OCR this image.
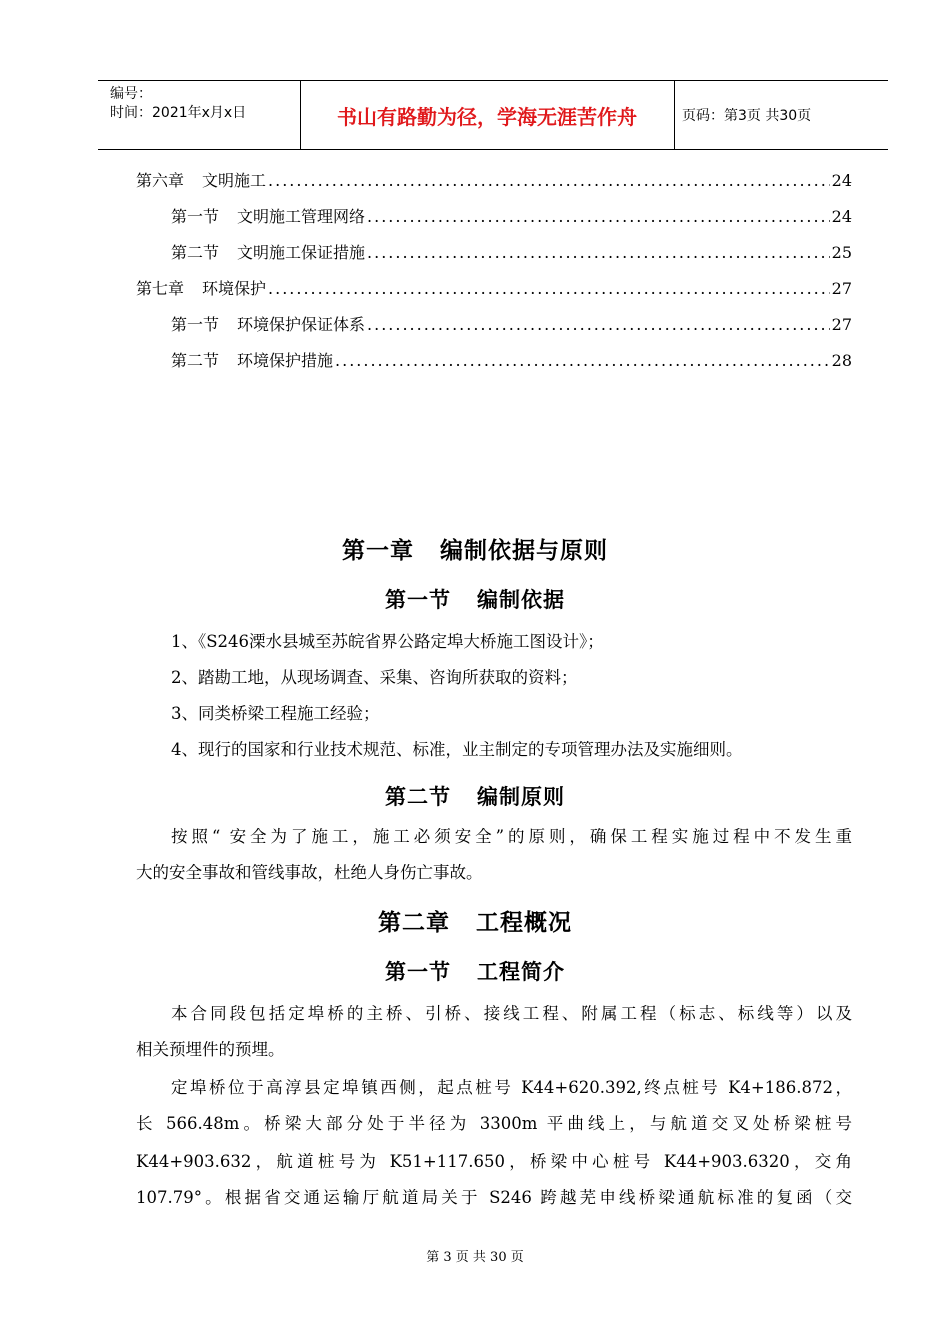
编号：
时间：2021年x月x日	书山有路勤为径，学海无涯苦作舟	页码：第3页 共30页
第六章 文明施工 .....	24
第一节 文明施工管理网络 .....	24
第二节 文明施工保证措施 .....	25
第七章 环境保护 .....	27
第一节 环境保护保证体系 .....	27
第二节 环境保护措施 .....	28
第一章 编制依据与原则
第一节 编制依据
1、《S246溧水县城至苏皖省界公路定埠大桥施工图设计》；
2、踏勘工地，从现场调查、采集、咨询所获取的资料；
3、同类桥梁工程施工经验；
4、现行的国家和行业技术规范、标准，业主制定的专项管理办法及实施细则。
第二节 编制原则
按照“ 安全为了施工，施工必须安全”的原则，确保工程实施过程中不发生重
大的安全事故和管线事故，杜绝人身伤亡事故。
第二章 工程概况
第一节 工程简介
本合同段包括定埠桥的主桥、引桥、接线工程、附属工程（标志、标线等）以及
相关预埋件的预埋。
定埠桥位于高淳县定埠镇西侧，起点桩号 K44+620.392,终点桩号 K4+186.872，
长 566.48m。桥梁大部分处于半径为 3300m 平曲线上，与航道交叉处桥梁桩号
K44+903.632，航道桩号为 K51+117.650，桥梁中心桩号 K44+903.6320，交角
107.79°。根据省交通运输厅航道局关于 S246 跨越芜申线桥梁通航标准的复函（交
第 3 页 共 30 页
